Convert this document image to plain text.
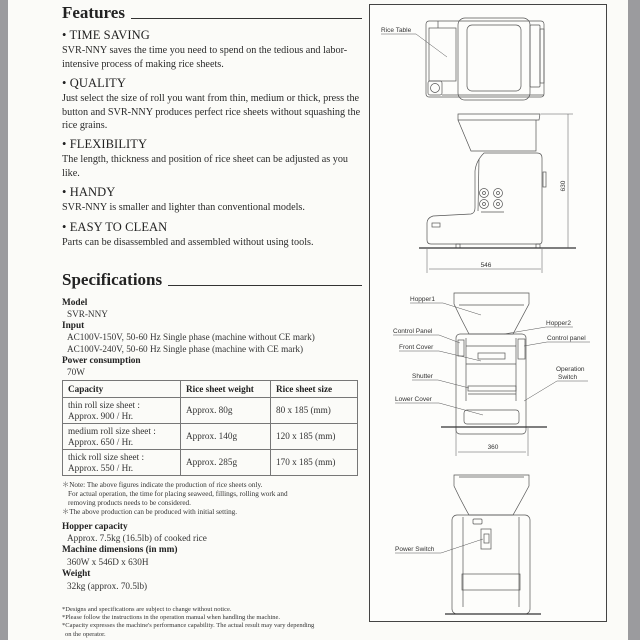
Features
• TIME SAVING
SVR-NNY saves the time you need to spend on the tedious and labor-intensive process of making rice sheets.
• QUALITY
Just select the size of roll you want from thin, medium or thick, press the button and SVR-NNY produces perfect rice sheets without squashing the rice grains.
• FLEXIBILITY
The length, thickness and position of rice sheet can be adjusted as you like.
• HANDY
SVR-NNY is smaller and lighter than conventional models.
• EASY TO CLEAN
Parts can be disassembled and assembled without using tools.
Specifications
Model
SVR-NNY
Input
AC100V-150V, 50-60 Hz Single phase (machine without CE mark)
AC100V-240V, 50-60 Hz Single phase (machine with CE mark)
Power consumption
70W
Capacity	Rice sheet weight	Rice sheet size

thin roll size sheet :
Approx. 900 / Hr.	Approx. 80g	80 x 185 (mm)

medium roll size sheet :
Approx. 650 / Hr.	Approx. 140g	120 x 185 (mm)

thick roll size sheet :
Approx. 550 / Hr.	Approx. 285g	170 x 185 (mm)
＊Note: The above figures indicate the production of rice sheets only.
For actual operation, the time for placing seaweed, fillings, rolling work and
removing products needs to be considered.
＊The above production can be produced with initial setting.
Hopper capacity
Approx. 7.5kg (16.5lb) of cooked rice
Machine dimensions (in mm)
360W x 546D x 630H
Weight
32kg (approx. 70.5lb)
*Designs and specifications are subject to change without notice.
*Please follow the instructions in the operation manual when handling the machine.
*Capacity expresses the machine's performance capability. The actual result may vary depending
on the operator.
Rice Table
630
546
360
Hopper1
Hopper2
Control Panel
Control panel
Front Cover
Operation
Switch
Shutter
Lower Cover
Power Switch
